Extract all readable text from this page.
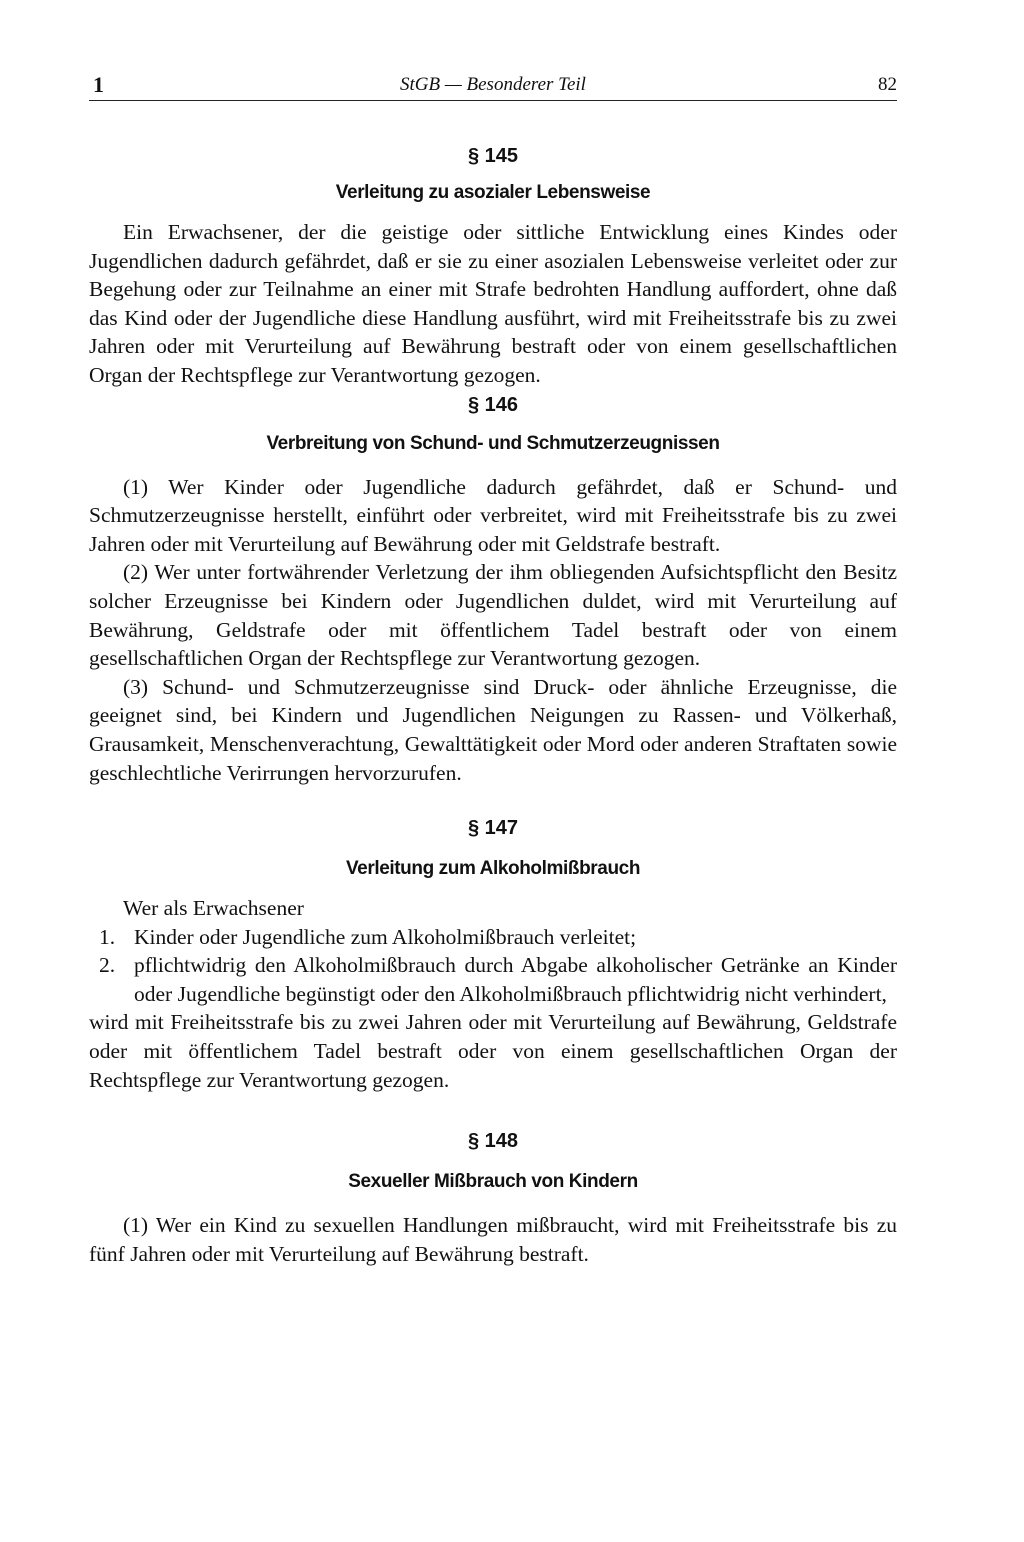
1	StGB — Besonderer Teil	82

§ 145

Verleitung zu asozialer Lebensweise

Ein Erwachsener, der die geistige oder sittliche Entwicklung eines Kindes oder Jugendlichen dadurch gefährdet, daß er sie zu einer asozialen Lebensweise verleitet oder zur Begehung oder zur Teilnahme an einer mit Strafe bedrohten Handlung auffordert, ohne daß das Kind oder der Jugendliche diese Handlung ausführt, wird mit Freiheitsstrafe bis zu zwei Jahren oder mit Verurteilung auf Bewährung bestraft oder von einem gesellschaftlichen Organ der Rechtspflege zur Verantwortung gezogen.

§ 146

Verbreitung von Schund- und Schmutzerzeugnissen

(1) Wer Kinder oder Jugendliche dadurch gefährdet, daß er Schund- und Schmutzerzeugnisse herstellt, einführt oder verbreitet, wird mit Freiheitsstrafe bis zu zwei Jahren oder mit Verurteilung auf Bewährung oder mit Geldstrafe bestraft.

(2) Wer unter fortwährender Verletzung der ihm obliegenden Aufsichtspflicht den Besitz solcher Erzeugnisse bei Kindern oder Jugendlichen duldet, wird mit Verurteilung auf Bewährung, Geldstrafe oder mit öffentlichem Tadel bestraft oder von einem gesellschaftlichen Organ der Rechtspflege zur Verantwortung gezogen.

(3) Schund- und Schmutzerzeugnisse sind Druck- oder ähnliche Erzeugnisse, die geeignet sind, bei Kindern und Jugendlichen Neigungen zu Rassen- und Völkerhaß, Grausamkeit, Menschenverachtung, Gewalttätigkeit oder Mord oder anderen Straftaten sowie geschlechtliche Verirrungen hervorzurufen.

§ 147

Verleitung zum Alkoholmißbrauch

Wer als Erwachsener
1. Kinder oder Jugendliche zum Alkoholmißbrauch verleitet;
2. pflichtwidrig den Alkoholmißbrauch durch Abgabe alkoholischer Getränke an Kinder oder Jugendliche begünstigt oder den Alkoholmißbrauch pflichtwidrig nicht verhindert,

wird mit Freiheitsstrafe bis zu zwei Jahren oder mit Verurteilung auf Bewährung, Geldstrafe oder mit öffentlichem Tadel bestraft oder von einem gesellschaftlichen Organ der Rechtspflege zur Verantwortung gezogen.

§ 148

Sexueller Mißbrauch von Kindern

(1) Wer ein Kind zu sexuellen Handlungen mißbraucht, wird mit Freiheitsstrafe bis zu fünf Jahren oder mit Verurteilung auf Bewährung bestraft.
